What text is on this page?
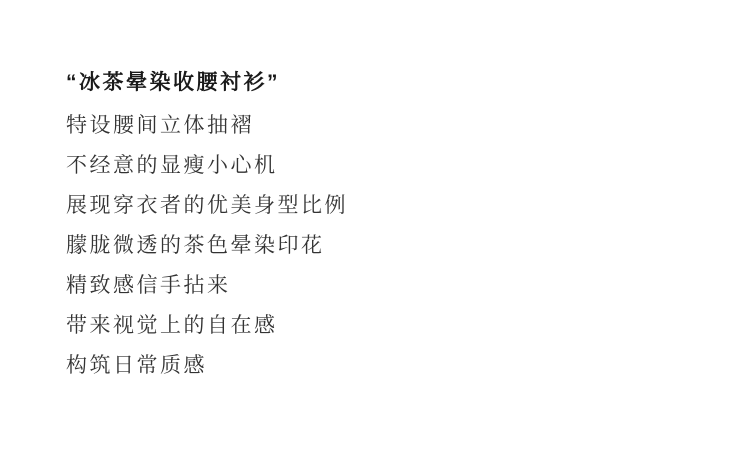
“冰茶晕染收腰衬衫”

特设腰间立体抽褶

不经意的显瘦小心机

展现穿衣者的优美身型比例

朦胧微透的茶色晕染印花

精致感信手拈来

带来视觉上的自在感

构筑日常质感
